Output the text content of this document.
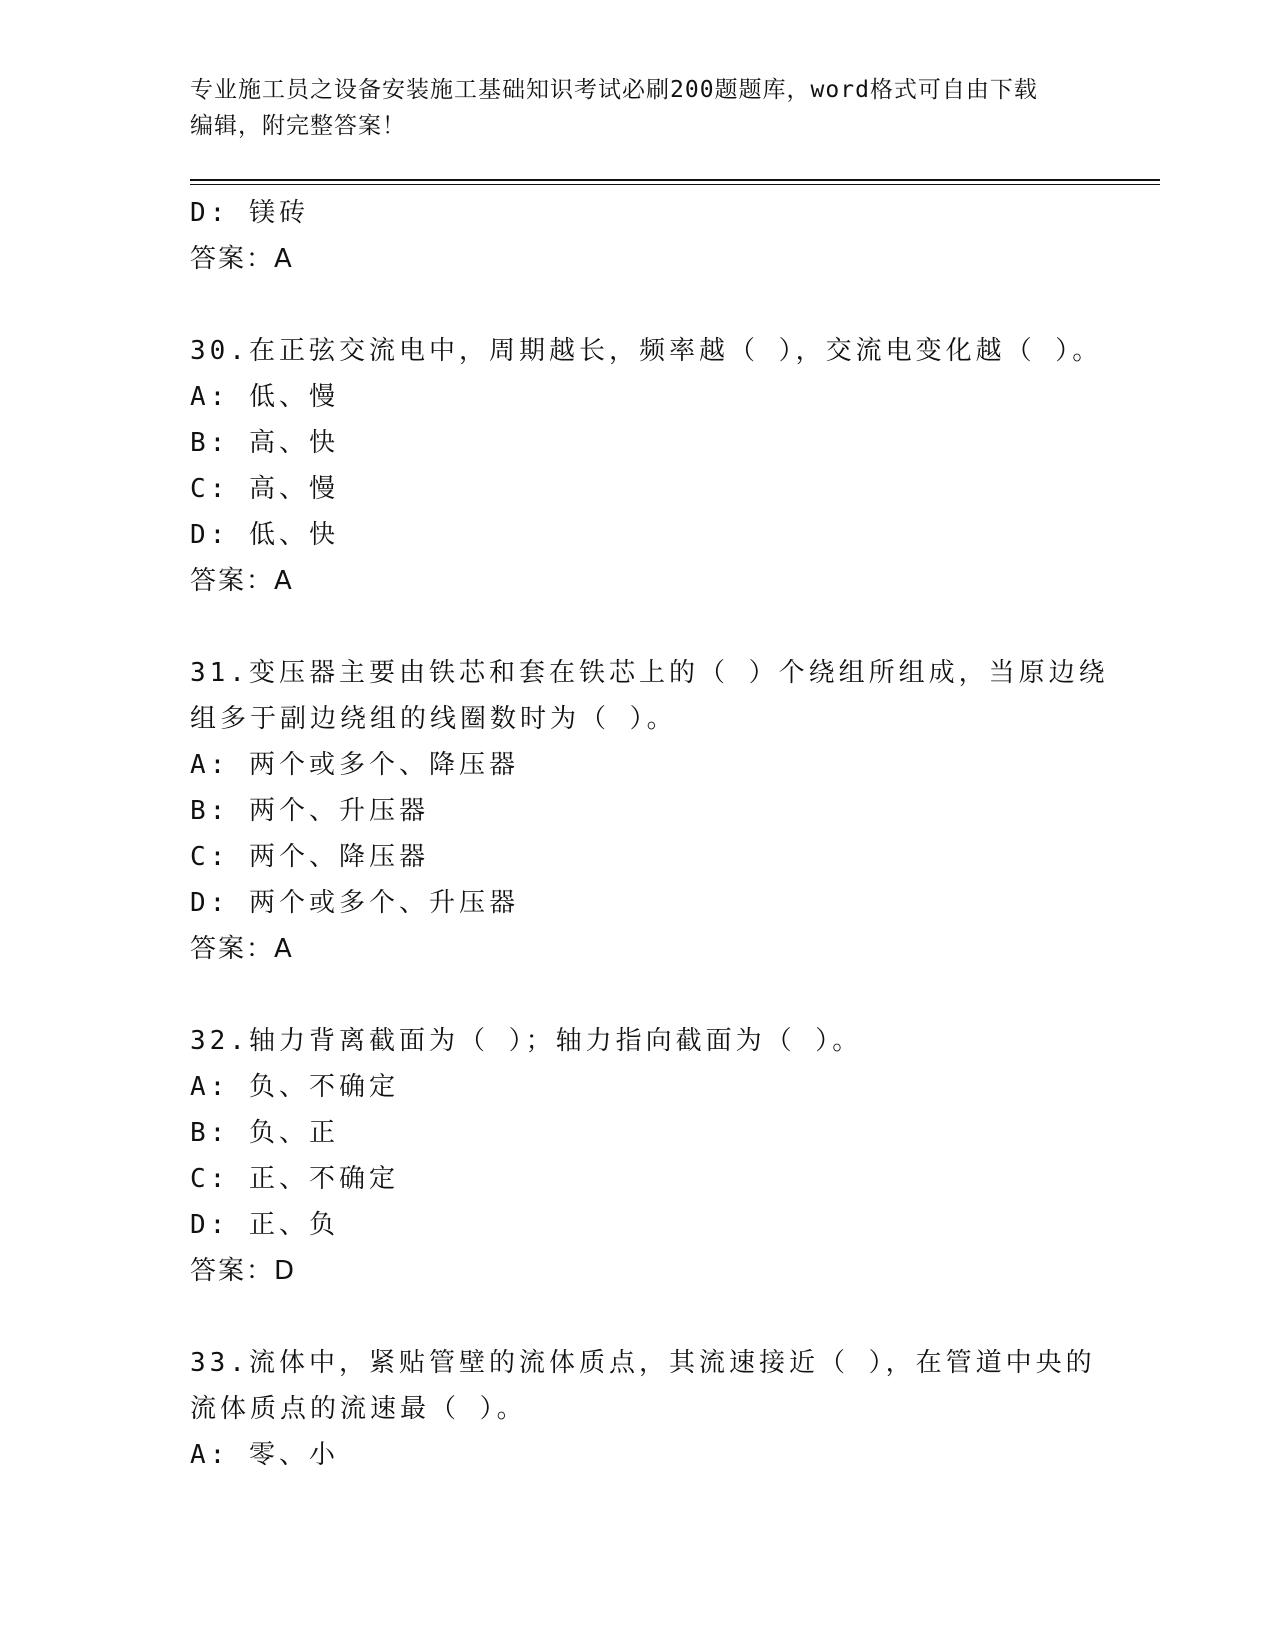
专业施工员之设备安装施工基础知识考试必刷200题题库，word格式可自由下载
编辑，附完整答案！
D: 镁砖
答案：A
30.在正弦交流电中，周期越长，频率越（ ），交流电变化越（ ）。
A: 低、慢
B: 高、快
C: 高、慢
D: 低、快
答案：A
31.变压器主要由铁芯和套在铁芯上的（ ）个绕组所组成，当原边绕
组多于副边绕组的线圈数时为（ ）。
A: 两个或多个、降压器
B: 两个、升压器
C: 两个、降压器
D: 两个或多个、升压器
答案：A
32.轴力背离截面为（ ）；轴力指向截面为（ ）。
A: 负、不确定
B: 负、正
C: 正、不确定
D: 正、负
答案：D
33.流体中，紧贴管壁的流体质点，其流速接近（ ），在管道中央的
流体质点的流速最（ ）。
A: 零、小
